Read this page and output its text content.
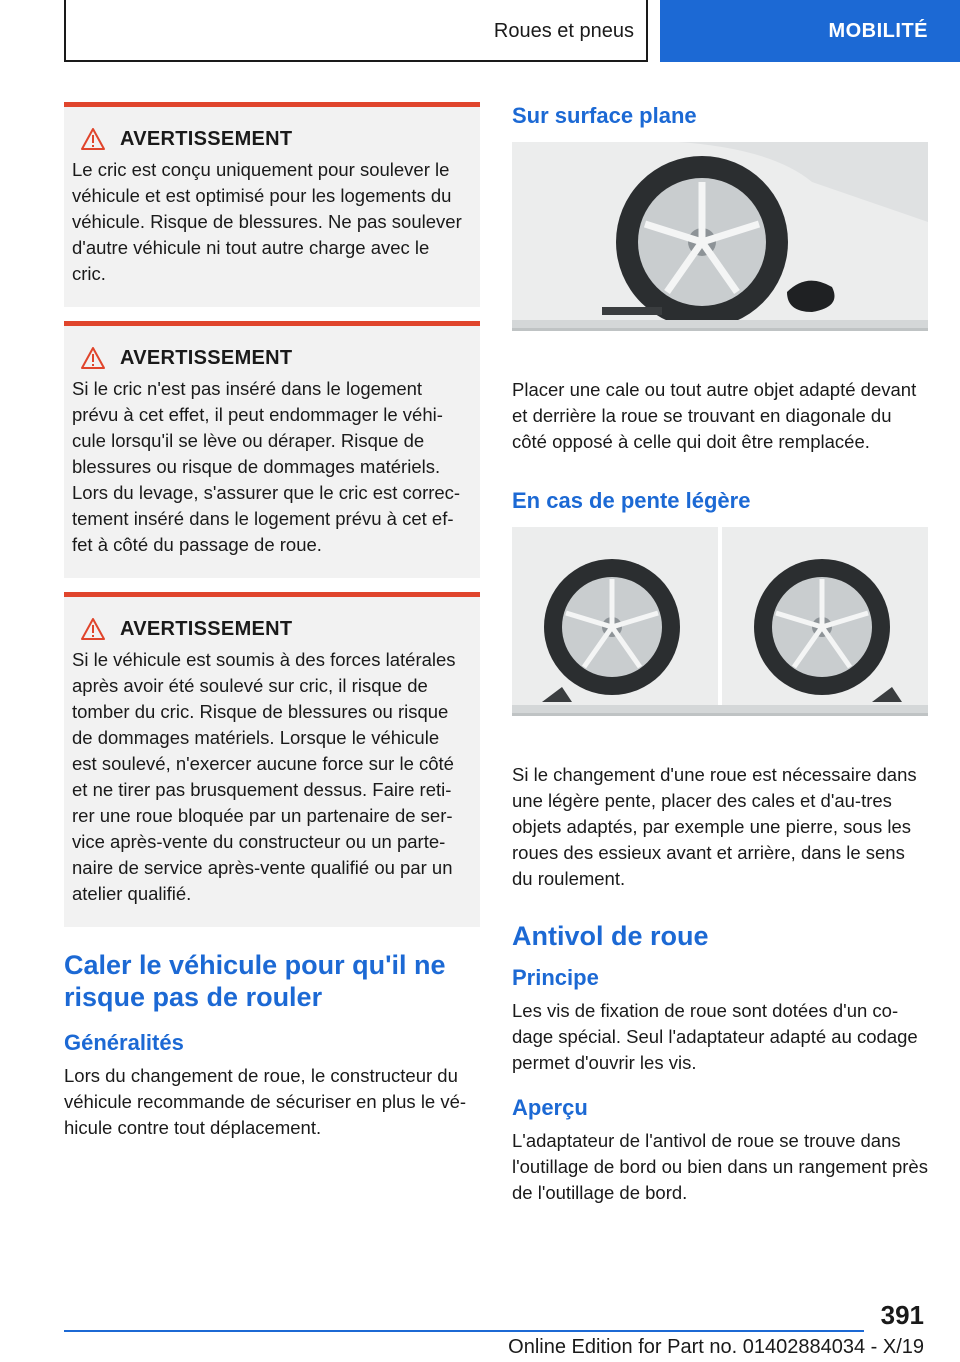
Roues et pneus	MOBILITÉ
AVERTISSEMENT
Le cric est conçu uniquement pour soulever le véhicule et est optimisé pour les logements du véhicule. Risque de blessures. Ne pas soulever d'autre véhicule ni tout autre charge avec le cric.
AVERTISSEMENT
Si le cric n'est pas inséré dans le logement prévu à cet effet, il peut endommager le véhi-cule lorsqu'il se lève ou déraper. Risque de blessures ou risque de dommages matériels. Lors du levage, s'assurer que le cric est correc-tement inséré dans le logement prévu à cet ef-fet à côté du passage de roue.
AVERTISSEMENT
Si le véhicule est soumis à des forces latérales après avoir été soulevé sur cric, il risque de tomber du cric. Risque de blessures ou risque de dommages matériels. Lorsque le véhicule est soulevé, n'exercer aucune force sur le côté et ne tirer pas brusquement dessus. Faire reti-rer une roue bloquée par un partenaire de ser-vice après-vente du constructeur ou un parte-naire de service après-vente qualifié ou par un atelier qualifié.
Caler le véhicule pour qu'il ne risque pas de rouler
Généralités

Lors du changement de roue, le constructeur du véhicule recommande de sécuriser en plus le vé-hicule contre tout déplacement.

Sur surface plane

Placer une cale ou tout autre objet adapté devant et derrière la roue se trouvant en diagonale du côté opposé à celle qui doit être remplacée.

En cas de pente légère

Si le changement d'une roue est nécessaire dans une légère pente, placer des cales et d'au-tres objets adaptés, par exemple une pierre, sous les roues des essieux avant et arrière, dans le sens du roulement.

Antivol de roue
Principe

Les vis de fixation de roue sont dotées d'un co-dage spécial. Seul l'adaptateur adapté au codage permet d'ouvrir les vis.

Aperçu

L'adaptateur de l'antivol de roue se trouve dans l'outillage de bord ou bien dans un rangement près de l'outillage de bord.

391
Online Edition for Part no. 01402884034 - X/19
